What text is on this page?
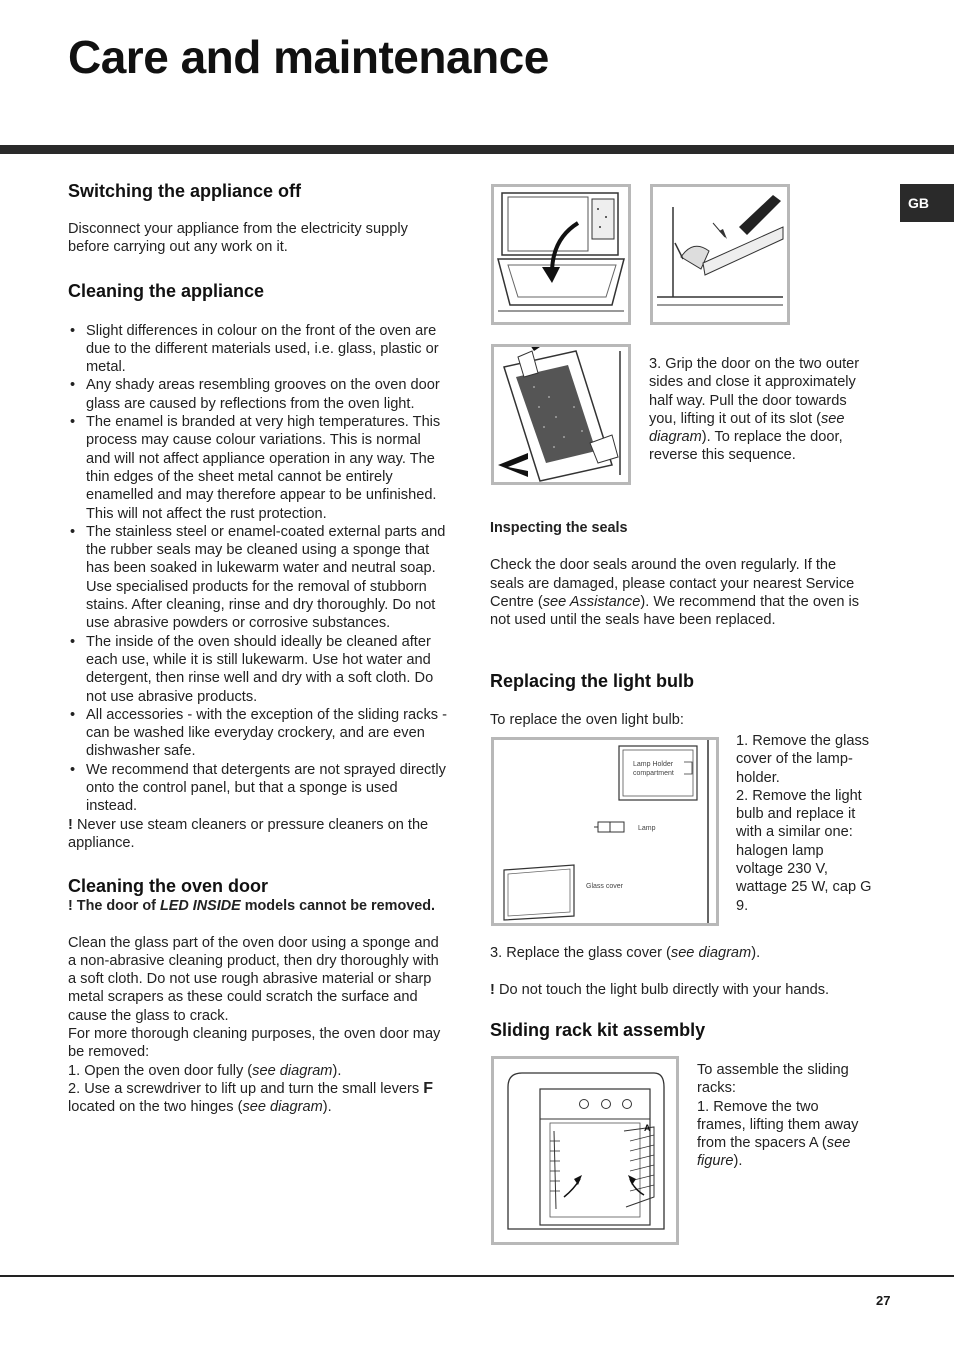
Care and maintenance
GB
Switching the appliance off

Disconnect your appliance from the electricity supply before carrying out any work on it.

Cleaning the appliance
• Slight differences in colour on the front of the oven are due to the different materials used, i.e. glass, plastic or metal.
• Any shady areas resembling grooves on the oven door glass are caused by reflections from the oven light.
• The enamel is branded at very high temperatures. This process may cause colour variations. This is normal and will not affect appliance operation in any way. The thin edges of the sheet metal cannot be entirely enamelled and may therefore appear to be unfinished. This will not affect the rust protection.
• The stainless steel or enamel-coated external parts and the rubber seals may be cleaned using a sponge that has been soaked in lukewarm water and neutral soap. Use specialised products for the removal of stubborn stains. After cleaning, rinse and dry thoroughly. Do not use abrasive powders or corrosive substances.
• The inside of the oven should ideally be cleaned after each use, while it is still lukewarm. Use hot water and detergent, then rinse well and dry with a soft cloth. Do not use abrasive products.
• All accessories - with the exception of the sliding racks - can be washed like everyday crockery, and are even dishwasher safe.
• We recommend that detergents are not sprayed directly onto the control panel, but that a sponge is used instead.

! Never use steam cleaners or pressure cleaners on the appliance.

Cleaning the oven door

! The door of LED INSIDE models cannot be removed.

Clean the glass part of the oven door using a sponge and a non-abrasive cleaning product, then dry thoroughly with a soft cloth. Do not use rough abrasive material or sharp metal scrapers as these could scratch the surface and cause the glass to crack.

For more thorough cleaning purposes, the oven door may be removed:

1. Open the oven door fully (see diagram).

2. Use a screwdriver to lift up and turn the small levers F located on the two hinges (see diagram).

3. Grip the door on the two outer sides and close it approximately half way. Pull the door towards you, lifting it out of its slot (see diagram). To replace the door, reverse this sequence.

Inspecting the seals

Check the door seals around the oven regularly. If the seals are damaged, please contact your nearest Service Centre (see Assistance). We recommend that the oven is not used until the seals have been replaced.

Replacing the light bulb

To replace the oven light bulb:

Lamp Holder
compartment
Lamp
Glass cover

1. Remove the glass cover of the lamp-holder.

2. Remove the light bulb and replace it with a similar one: halogen lamp voltage 230 V, wattage 25 W, cap G 9.

3. Replace the glass cover (see diagram).

! Do not touch the light bulb directly with your hands.

Sliding rack kit assembly
A

To assemble the sliding racks:

1. Remove the two frames, lifting them away from the spacers A (see figure).

27
